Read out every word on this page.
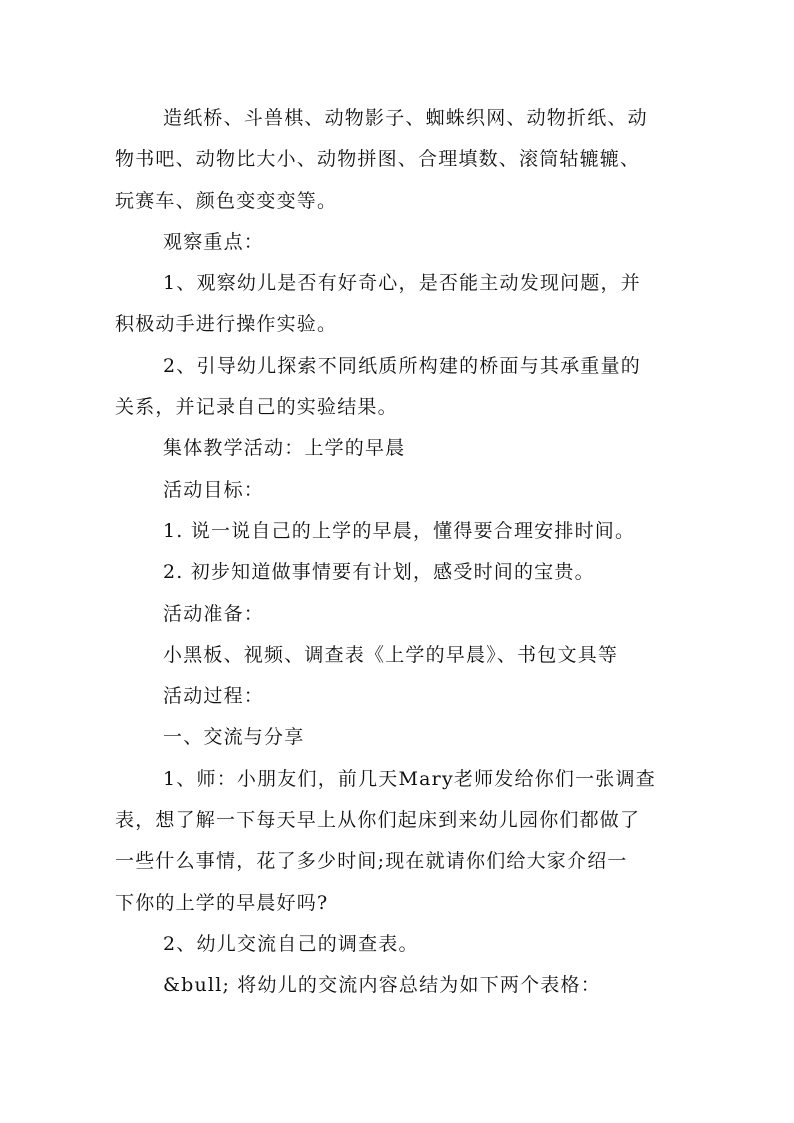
造纸桥、斗兽棋、动物影子、蜘蛛织网、动物折纸、动
物书吧、动物比大小、动物拼图、合理填数、滚筒轱辘辘、
玩赛车、颜色变变变等。
观察重点：
1、观察幼儿是否有好奇心，是否能主动发现问题，并
积极动手进行操作实验。
2、引导幼儿探索不同纸质所构建的桥面与其承重量的
关系，并记录自己的实验结果。
集体教学活动：上学的早晨
活动目标：
1. 说一说自己的上学的早晨，懂得要合理安排时间。
2. 初步知道做事情要有计划，感受时间的宝贵。
活动准备：
小黑板、视频、调查表《上学的早晨》、书包文具等
活动过程：
一、交流与分享
1、师：小朋友们，前几天Mary老师发给你们一张调查
表，想了解一下每天早上从你们起床到来幼儿园你们都做了
一些什么事情，花了多少时间;现在就请你们给大家介绍一
下你的上学的早晨好吗?
2、幼儿交流自己的调查表。
&bull; 将幼儿的交流内容总结为如下两个表格：
